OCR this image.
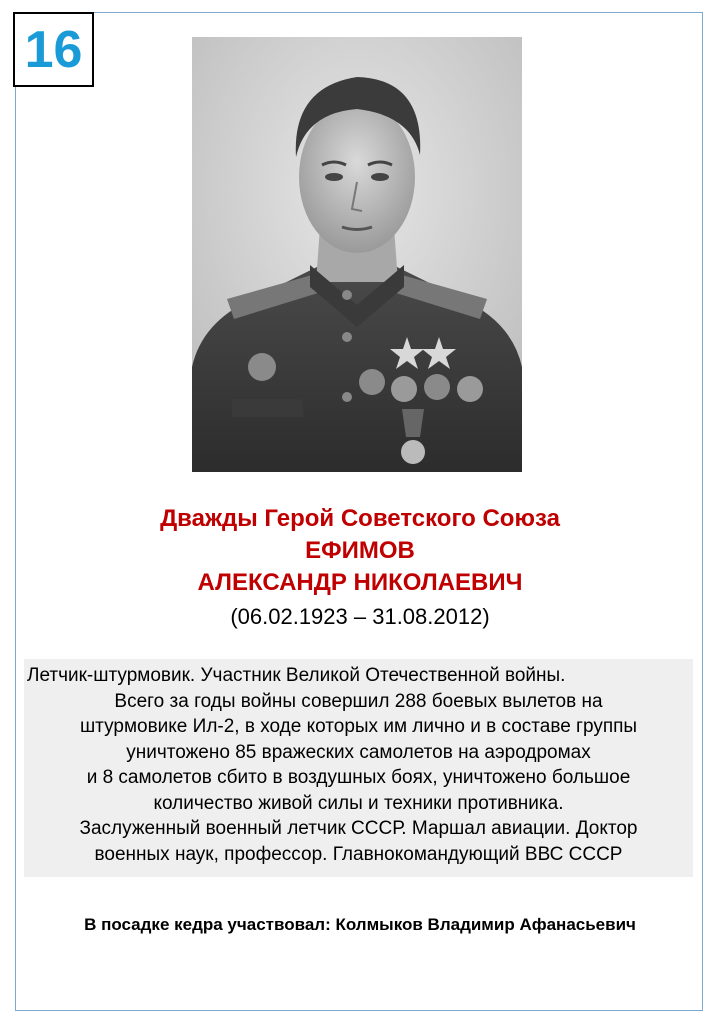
16
Дважды Герой Советского Союза
ЕФИМОВ
АЛЕКСАНДР НИКОЛАЕВИЧ
(06.02.1923 – 31.08.2012)
Летчик-штурмовик. Участник Великой Отечественной войны.
Всего за годы войны совершил 288 боевых вылетов на
штурмовике Ил-2, в ходе которых им лично и в составе группы
уничтожено 85 вражеских самолетов на аэродромах
и 8 самолетов сбито в воздушных боях, уничтожено большое
количество живой силы и техники противника.
Заслуженный военный летчик СССР. Маршал авиации. Доктор
военных наук, профессор. Главнокомандующий ВВС СССР
В посадке кедра участвовал: Колмыков Владимир Афанасьевич
